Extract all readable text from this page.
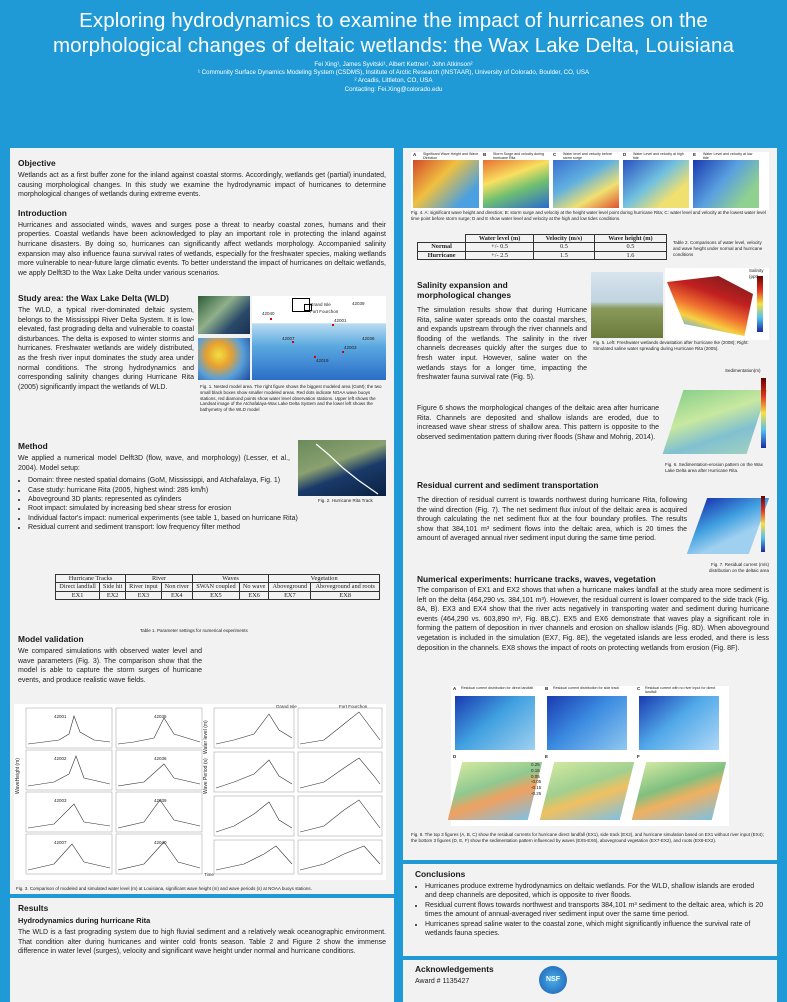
Exploring hydrodynamics to examine the impact of hurricanes on the
morphological changes of deltaic wetlands: the Wax Lake Delta, Louisiana
Fei Xing¹, James Syvitski¹, Albert Kettner¹, John Atkinson²
¹ Community Surface Dynamics Modeling System (CSDMS), Institute of Arctic Research (INSTAAR), University of Colorado, Boulder, CO, USA
² Arcadis, Littleton, CO, USA
Contacting: Fei.Xing@colorado.edu
Objective
Wetlands act as a first buffer zone for the inland against coastal storms. Accordingly, wetlands get (partial) inundated, causing morphological changes. In this study we examine the hydrodynamic impact of hurricanes to determine morphological changes of wetlands during extreme events.
Introduction
Hurricanes and associated winds, waves and surges pose a threat to nearby coastal zones, humans and their properties. Coastal wetlands have been acknowledged to play an important role in protecting the inland against hurricane disasters. By doing so, hurricanes can significantly affect wetlands morphology. Accompanied salinity expansion may also influence fauna survival rates of wetlands, especially for the freshwater species, making wetlands more vulnerable to near-future large climatic events. To better understand the impact of hurricanes on deltaic wetlands, we apply Delft3D to the Wax Lake Delta under various scenarios.
Study area: the Wax Lake Delta (WLD)
The WLD, a typical river-dominated deltaic system, belongs to the Mississippi River Delta System. It is low-elevated, fast prograding delta and vulnerable to coastal disturbances. The delta is exposed to winter storms and hurricanes. Freshwater wetlands are widely distributed, as the fresh river input dominates the study area under normal conditions. The strong hydrodynamics and corresponding salinity changes during Hurricane Rita (2005) significantly impact the wetlands of WLD.
Grand Isle
Fort Fourchon
42001
42003
42039
42040
42036
42007
42019
Fig. 1. Nested model area. The right figure shows the biggest modeled area (GoM); the two small black boxes show smaller modeled areas. Red dots indicate NOAA wave buoys stations, red diamond points show water level observation stations. Upper left shows the Landsat image of the Atchafalaya-Wax Lake Delta System and the lower left shows the bathymetry of the WLD model
Method
We applied a numerical model Delft3D (flow, wave, and morphology) (Lesser, et al., 2004). Model setup:
• Domain: three nested spatial domains (GoM, Mississippi, and Atchafalaya, Fig. 1)
• Case study: hurricane Rita (2005, highest wind: 285 km/h)
• Aboveground 3D plants: represented as cylinders
• Root impact: simulated by increasing bed shear stress for erosion
• Individual factor's impact: numerical experiments (see table 1, based on hurricane Rita)
• Residual current and sediment transport: low frequency filter method
Fig. 2. Hurricane Rita Track
Hurricane Tracks		River		Waves		Vegetation	
Direct landfall	Side hit	River input	Non river	SWAN coupled	No wave	Aboveground	Aboveground and roots
EX1	EX2	EX3	EX4	EX5	EX6	EX7	EX8
Table 1. Parameter settings for numerical experiments
Model validation
We compared simulations with observed water level and wave parameters (Fig. 3). The comparison show that the model is able to capture the storm surges of hurricane events, and produce realistic wave fields.
WaveHeight (m)	Wave Period (s)
Water level (m)
42001	42035
42002	42036
42003	42039
42007	42040
Grand Isle	Fort Fourchon
Time
Fig. 3. Comparison of modeled and simulated water level (m) at Louisiana, significant wave height (m) and wave periods (s) at NOAA buoys stations.
Results
Hydrodynamics during hurricane Rita
The WLD is a fast prograding system due to high fluvial sediment and a relatively weak oceanographic environment. That condition alter during hurricanes and winter cold fronts season. Table 2 and Figure 2 show the immense difference in water level (surges), velocity and significant wave height under normal and hurricane conditions.
A Significant Wave Height and Wave Direction
B Storm Surge and velocity during hurricane Rita
C Water level and velocity before storm surge
D Water Level and velocity at high tide
E Water Level and velocity at low tide
Fig. 4. A: significant wave height and direction; B: storm surge and velocity at the height water level point during hurricane Rita; C: water level and velocity at the lowest water level time point before storm surge; D and E show water level and velocity at the high and low tides conditions.
	Water level (m)	Velocity (m/s)	Wave height (m)
Normal	+/- 0.5	0.5	0.5
Hurricane	+/- 2.5	1.5	1.6
Table 2. Comparisons of water level, velocity and wave height under normal and hurricane conditions
Salinity expansion and
morphological changes
Salinity (ppt)
Fig. 5. Left: Freshwater wetlands devastation after hurricane Ike (2008); Right: Simulated saline water spreading during Hurricane Rita (2005).
The simulation results show that during Hurricane Rita, saline water spreads onto the coastal marshes, and expands upstream through the river channels and flooding of the wetlands. The salinity in the river channels decreases quickly after the surges due to fresh water input. However, saline water on the wetlands stays for a longer time, impacting the freshwater fauna survival rate (Fig. 5).
Figure 6 shows the morphological changes of the deltaic area after hurricane Rita. Channels are deposited and shallow islands are eroded, due to increased wave shear stress of shallow area. This pattern is opposite to the observed sedimentation pattern during river floods (Shaw and Mohrig, 2014).
Sedimentation(m)
Fig. 6. Sedimentation-erosion pattern on the Wax Lake Delta area after Hurricane Rita.
Residual current and sediment transportation
The direction of residual current is towards northwest during hurricane Rita, following the wind direction (Fig. 7). The net sediment flux in/out of the deltaic area is acquired through calculating the net sediment flux at the four boundary profiles. The results show that 384,101 m³ sediment flows into the deltaic area, which is 20 times the amount of averaged annual river sediment input during the same time period.
Fig. 7. Residual current (m/s) distribution on the deltaic area
Numerical experiments: hurricane tracks, waves, vegetation
The comparison of EX1 and EX2 shows that when a hurricane makes landfall at the study area more sediment is left on the delta (464,290 vs. 384,101 m³). However, the residual current is lower compared to the side track (Fig. 8A, B). EX3 and EX4 show that the river acts negatively in transporting water and sediment during hurricane events (464,290 vs. 603,890 m³, Fig. 8B,C). EX5 and EX6 demonstrate that waves play a significant role in forming the pattern of deposition in river channels and erosion on shallow islands (Fig. 8D). When aboveground vegetation is included in the simulation (EX7, Fig. 8E), the vegetated islands are less eroded, and there is less deposition in the channels. EX8 shows the impact of roots on protecting wetlands from erosion (Fig. 8F).
Residual current distribution for direct landfall	Residual current distribution for side track	Residual current with no river input for direct landfall
A	B	C
D	E	F
0.25
0.15
0.05
-0.05
-0.15
-0.25
Fig. 8. The top 3 figures (A, B, C) show the residual currents for hurricane direct landfall (EX1), side track (EX2), and hurricane simulation based on EX1 without river input (EX4); the bottom 3 figures (D, E, F) show the sedimentation pattern influenced by waves (EX5-EX6), aboveground vegetation (EX7-EX2), and roots (EX8-EX2).
Conclusions
• Hurricanes produce extreme hydrodynamics on deltaic wetlands. For the WLD, shallow islands are eroded and deep channels are deposited, which is opposite to river floods.
• Residual current flows towards northwest and transports 384,101 m³ sediment to the deltaic area, which is 20 times the amount of annual-averaged river sediment input over the same time period.
• Hurricanes spread saline water to the coastal zone, which might significantly influence the survival rate of wetlands fauna species.
Acknowledgements
Award # 1135427	NSF
